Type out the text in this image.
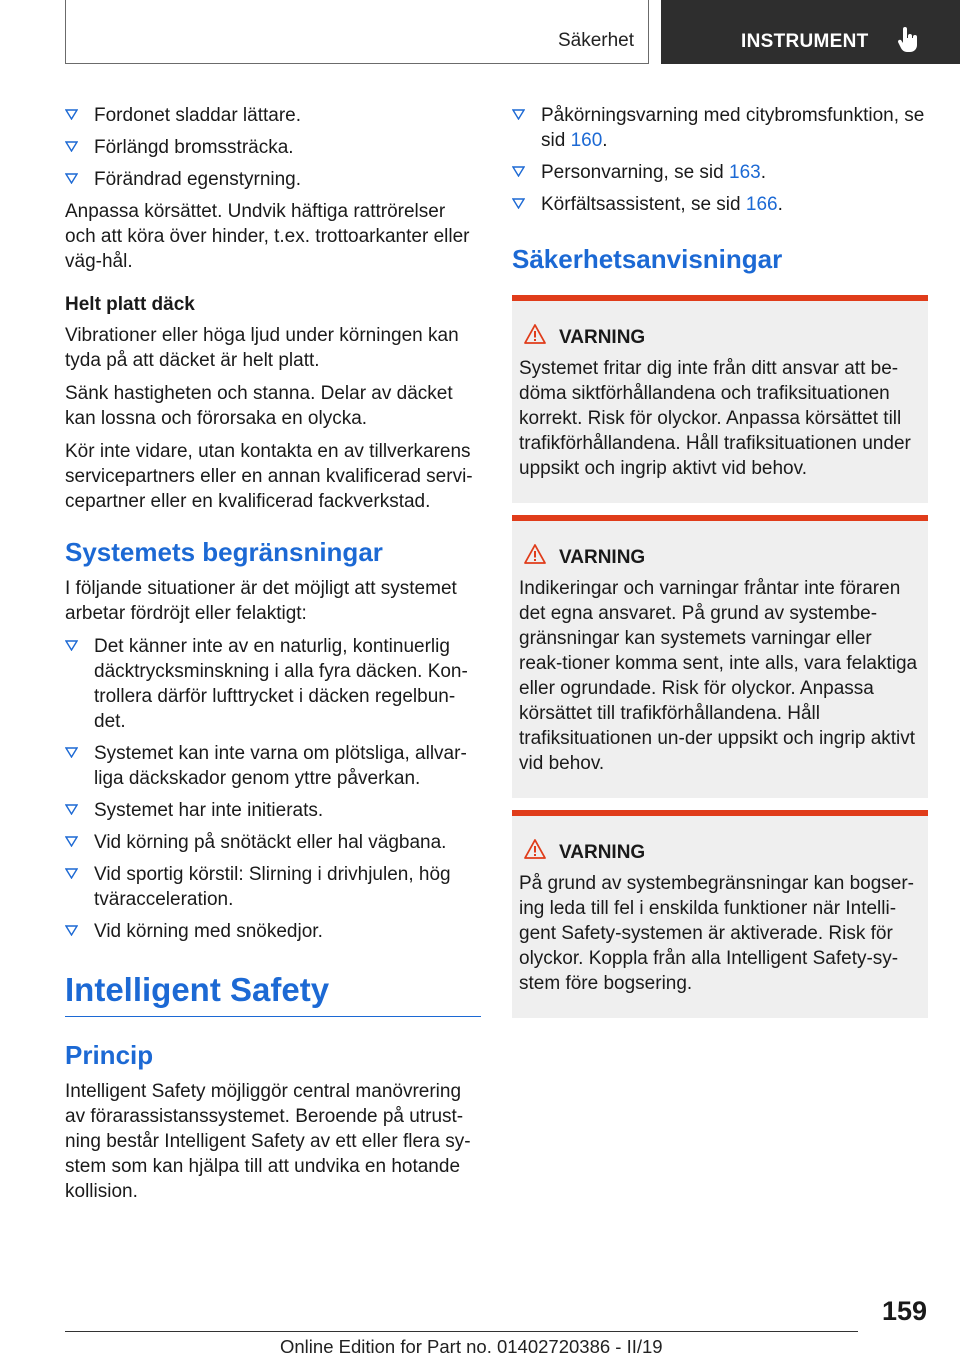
Säkerhet	INSTRUMENT
Fordonet sladdar lättare.
Förlängd bromssträcka.
Förändrad egenstyrning.

Anpassa körsättet. Undvik häftiga rattrörelser och att köra över hinder, t.ex. trottoarkanter eller väg-hål.

Helt platt däck

Vibrationer eller höga ljud under körningen kan tyda på att däcket är helt platt.

Sänk hastigheten och stanna. Delar av däcket kan lossna och förorsaka en olycka.

Kör inte vidare, utan kontakta en av tillverkarens servicepartners eller en annan kvalificerad servi-cepartner eller en kvalificerad fackverkstad.

Systemets begränsningar

I följande situationer är det möjligt att systemet arbetar fördröjt eller felaktigt:

Det känner inte av en naturlig, kontinuerlig däcktrycksminskning i alla fyra däcken. Kon-trollera därför lufttrycket i däcken regelbun-det.
Systemet kan inte varna om plötsliga, allvar-liga däckskador genom yttre påverkan.
Systemet har inte initierats.
Vid körning på snötäckt eller hal vägbana.
Vid sportig körstil: Slirning i drivhjulen, hög tväracceleration.
Vid körning med snökedjor.
Intelligent Safety
Princip

Intelligent Safety möjliggör central manövrering av förarassistanssystemet. Beroende på utrust-ning består Intelligent Safety av ett eller flera sy-stem som kan hjälpa till att undvika en hotande kollision.

Påkörningsvarning med citybromsfunktion, se sid 160.
Personvarning, se sid 163.
Körfältsassistent, se sid 166.
Säkerhetsanvisningar
VARNING
Systemet fritar dig inte från ditt ansvar att be-döma siktförhållandena och trafiksituationen korrekt. Risk för olyckor. Anpassa körsättet till trafikförhållandena. Håll trafiksituationen under uppsikt och ingrip aktivt vid behov.
VARNING
Indikeringar och varningar fråntar inte föraren det egna ansvaret. På grund av systembe-gränsningar kan systemets varningar eller reak-tioner komma sent, inte alls, vara felaktiga eller ogrundade. Risk för olyckor. Anpassa körsättet till trafikförhållandena. Håll trafiksituationen un-der uppsikt och ingrip aktivt vid behov.
VARNING
På grund av systembegränsningar kan bogser-ing leda till fel i enskilda funktioner när Intelli-gent Safety-systemen är aktiverade. Risk för olyckor. Koppla från alla Intelligent Safety-sy-stem före bogsering.
159
Online Edition for Part no. 01402720386 - II/19
